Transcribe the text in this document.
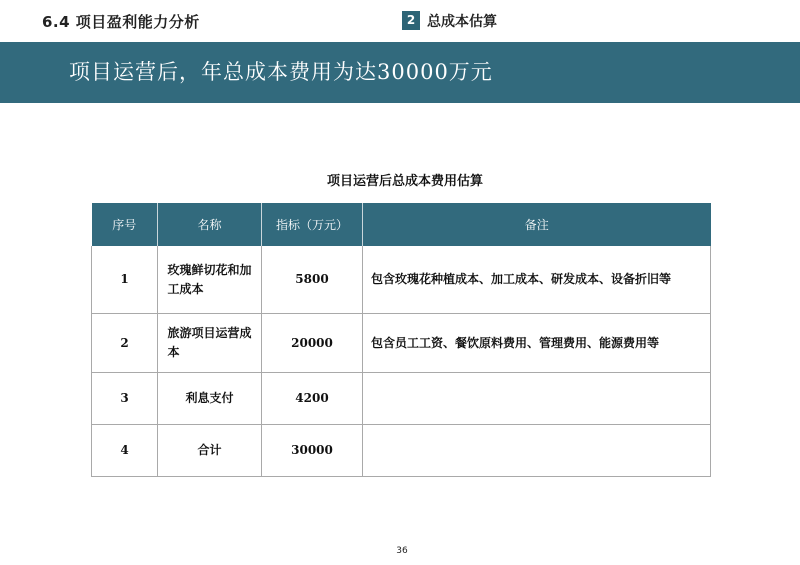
6.4 项目盈利能力分析	2 总成本估算
项目运营后，年总成本费用为达30000万元
项目运营后总成本费用估算
序号	名称	指标（万元）	备注
1	玫瑰鲜切花和加工成本	5800	包含玫瑰花种植成本、加工成本、研发成本、设备折旧等
2	旅游项目运营成本	20000	包含员工工资、餐饮原料费用、管理费用、能源费用等
3	利息支付	4200	
4	合计	30000	
36
